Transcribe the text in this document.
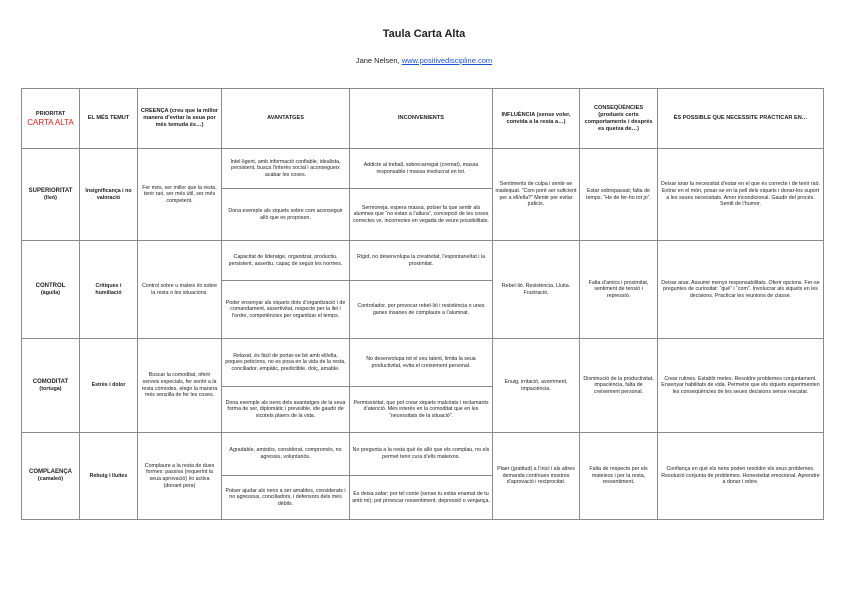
Taula Carta Alta
Jane Nelsen, www.positivediscipline.com
PRIORITAT
CARTA ALTA	EL MÉS TEMUT	CREENÇA (creu que la millor manera d’evitar la seua por més temuda és…)	AVANTATGES	INCONVENIENTS	INFLUÈNCIA (sense voler, convida a la resta a…)	CONSEQÜÈNCIES (produeix certs comportaments i després es queixa de…)	ÉS POSSIBLE QUE NECESSITE PRACTICAR EN…
SUPERIORITAT
(lleó)	Insignificança i no valoració	Fer més, ser millor que la resta, tenir raó, ser més útil, ser més competent.	Intel·ligent, amb informació confiable, idealista, persistent, busca l’interès social i aconsegueix acabar les coses.	Addicte al treball, sobrecarregat (cremat), massa responsable i massa involucrat en tot.	Sentiments de culpa i sentir-se inadequat. “Com poré ser suficient per a ell/ella?” Mentir per evitar judicis.	Estar sobrepassat; falta de temps. “He de fer-ho tot jo”.	Deixar anar la necessitat d’estar en el que és correcte i de tenir raó. Entrar en el món, posar-se en la pell dels xiquets i donar-los suport a les seues necessitats. Amor incondicional. Gaudir del procés. Sentit de l’humor.
			Dona exemple als xiquets sobre com aconseguir allò que es proposen.	Sermoneja, espera massa, potser fa que sentir als alumnes que “no estan a l’altura”, concepció de les coses correctes vs. incorrectes en vegada de veure possibilitats.			
CONTROL
(àguila)	Crítiques i humiliació	Control sobre u mateix i/o sobre la resta o les situacions.	Capacitat de lideratge, organitzat, productiu, persistent, assertiu, capaç de seguir les normes.	Rígid, no desenvolupa la creativitat, l’espontaneïtat i la proximitat.	Rebel·lió. Resistència. Lluita. Frustració.	Falta d’amics i proximitat, sentiment de tensió i repressió.	Deixar anar. Assumir menys responsabilitats. Oferir opcions. Fer-se preguntes de curiositat: “què” i “com”. Involucrar als xiquets en les decisions. Practicar les reunions de classe.
			Poder ensenyar als xiquets dots d’organització i de comandament, assertivitat, respecte per la llei i l’ordre, competències per organitzar el temps.	Controlador, por provocar rebel·lió i resistència o unes ganes insanes de complaure a l’alumnat.			
COMODITAT
(tortuga)	Estrès i dolor	Buscar la comoditat, oferir serveis especials, fer sentir a la resta còmodes, elegir la manera més senzilla de fer les coses.	Relaxat, és fàcil de portar-se bé amb ell/ella, poques peticions, no es posa en la vida de la resta, conciliador, empàtic, predictible, dolç, amable.	No desenvolupa tot el seu talent, limita la seua productivitat, evita el creixement personal.	Enuig, irritació, avorriment, impaciència.	Disminució de la productivitat, impaciència, falta de creixement personal.	Crear rutines. Establir metes. Resoldre problemes conjuntament. Ensenyar habilitats de vida. Permetre que els xiquets experimenten les conseqüències de les seues decisions sense rescatar.
			Dona exemple als nens dels avantatges de la seua forma de ser, diplomàtic i previsible, ide gaudir de xicotets plaers de la vida.	Permissivitat, que pot crear xiquets malcriats i reclamants d’atenció. Més interès en la comoditat que en les “necessitats de la situació”.			
COMPLAENÇA
(camaleó)	Rebuig i lluites	Complaure a la resta de dues formes: passiva (requerint la seua aprovació) i/o activa (donant pera)	Agradable, amistós, considerat, compromés, no agressiu, voluntariós.	No pregunta a la resta què és allò que els complau, no els permet tenir cura d’ells mateixos.	Plaer (gratitud) a l’inici i als altres demanda contínues mostres d’aprovació i reciprocitat.	Falta de respecte per els mateixos i per la resta, ressentiment.	Confiança en què els nens poden resoldre els seus problemes. Resolució conjunta de problemes. Honestedat emocional. Aprendre a donar i rebre.
			Potser ajudar als nens a ser amables, considerats i no agressius, conciliadors, i defensors dels més dèbils.	Es deixa xafar; por tel conte (sense tu estàs enamat de tu amb mi); pot provocar ressentiment, depressió o venjança.			
